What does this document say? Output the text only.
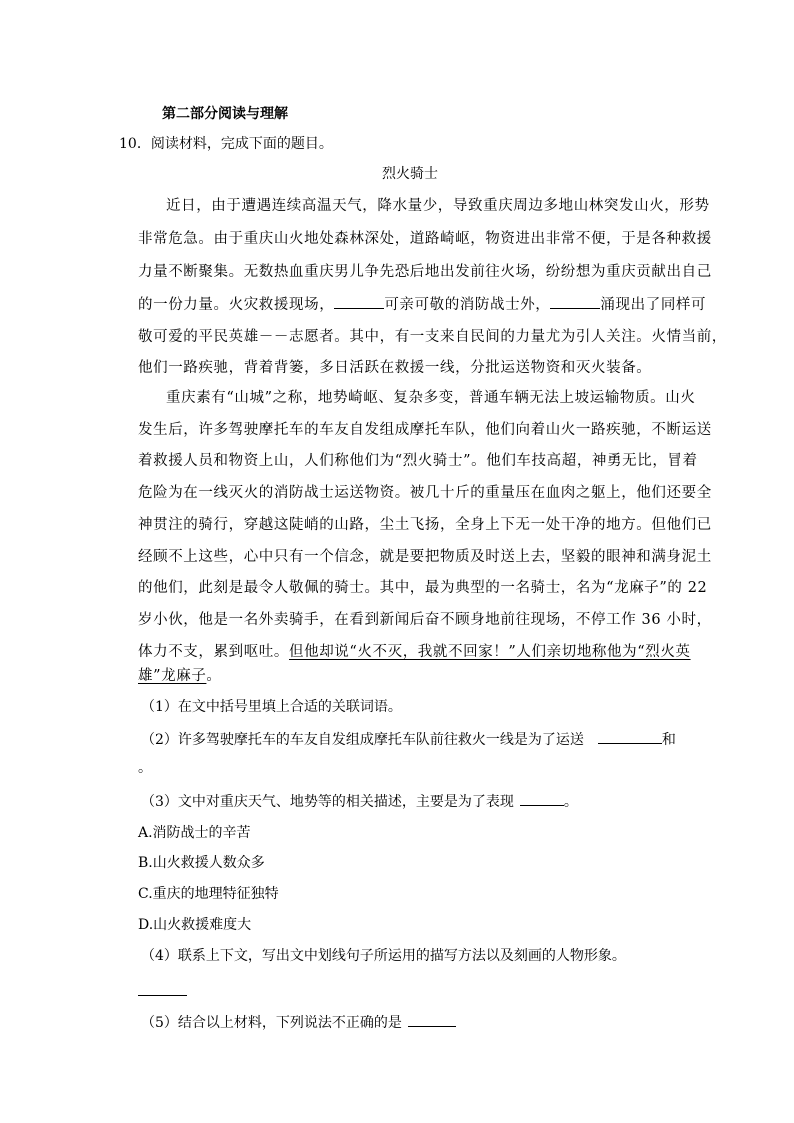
第二部分阅读与理解
10．阅读材料，完成下面的题目。
烈火骑士
近日，由于遭遇连续高温天气，降水量少，导致重庆周边多地山林突发山火，形势
非常危急。由于重庆山火地处森林深处，道路崎岖，物资进出非常不便，于是各种救援
力量不断聚集。无数热血重庆男儿争先恐后地出发前往火场，纷纷想为重庆贡献出自己
的一份力量。火灾救援现场，	可亲可敬的消防战士外，	涌现出了同样可
敬可爱的平民英雄－－志愿者。其中，有一支来自民间的力量尤为引人关注。火情当前，
他们一路疾驰，背着背篓，多日活跃在救援一线，分批运送物资和灭火装备。
重庆素有“山城”之称，地势崎岖、复杂多变，普通车辆无法上坡运输物质。山火
发生后，许多驾驶摩托车的车友自发组成摩托车队，他们向着山火一路疾驰，不断运送
着救援人员和物资上山，人们称他们为“烈火骑士”。他们车技高超，神勇无比，冒着
危险为在一线灭火的消防战士运送物资。被几十斤的重量压在血肉之躯上，他们还要全
神贯注的骑行，穿越这陡峭的山路，尘土飞扬，全身上下无一处干净的地方。但他们已
经顾不上这些，心中只有一个信念，就是要把物质及时送上去，坚毅的眼神和满身泥土
的他们，此刻是最令人敬佩的骑士。其中，最为典型的一名骑士，名为“龙麻子”的 22
岁小伙，他是一名外卖骑手，在看到新闻后奋不顾身地前往现场，不停工作 36 小时，
体力不支，累到呕吐。但他却说“火不灭，我就不回家！”人们亲切地称他为“烈火英
雄”龙麻子。
（1）在文中括号里填上合适的关联词语。
（2）许多驾驶摩托车的车友自发组成摩托车队前往救火一线是为了运送	和
。
（3）文中对重庆天气、地势等的相关描述，主要是为了表现	。
A.消防战士的辛苦
B.山火救援人数众多
C.重庆的地理特征独特
D.山火救援难度大
（4）联系上下文，写出文中划线句子所运用的描写方法以及刻画的人物形象。
（5）结合以上材料，下列说法不正确的是
